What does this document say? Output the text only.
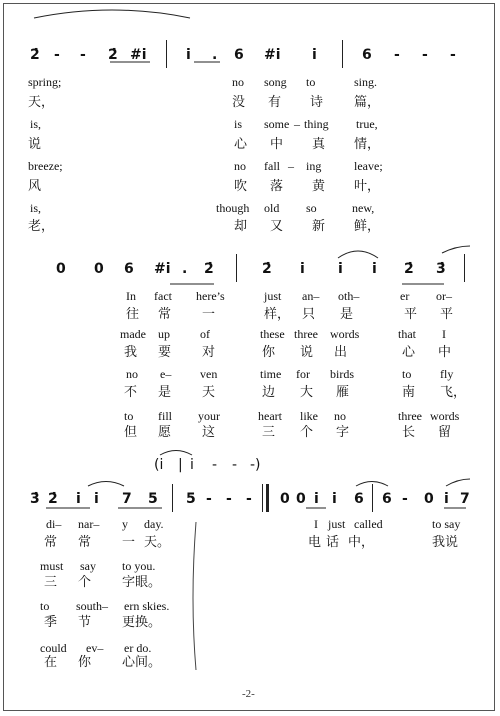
2̇ - - 2̇ #i	i . 6 #i i	6 - - -
spring;	no song to	sing.
天，	没 有 诗 篇，
is,	is some – thing true,
说	心 中 真 情，
breeze;	no fall – ing	leave;
风	吹 落 黄 叶，
is,	though old so	new,
老，	却 又 新 鲜，
0 0 6 #i . 2̇	2̇ i i i 2̇ 3̇
In fact here’s	just an– oth–	er or–
往 常 一	样， 只 是	平 平
made up	of	these three words	that I
我 要 对	你 说 出	心 中
no e– ven	time for birds	to fly
不 是 天	边 大 雁	南 飞，
to fill your	heart like no	three words
但 愿 这	三 个 字	长 留
(i | i - - -)
3̇ 2̇ i i 7 5 5 - - - 0 0 i i 6 6 - 0 i 7
di– nar– y day.	I just called	to say
常 常 一 天。	电 话 中，	我说
must say to you.
三 个 字眼。
to south– ern skies.
季 节 更换。
could ev– er do.
在 你 心间。
-2-
